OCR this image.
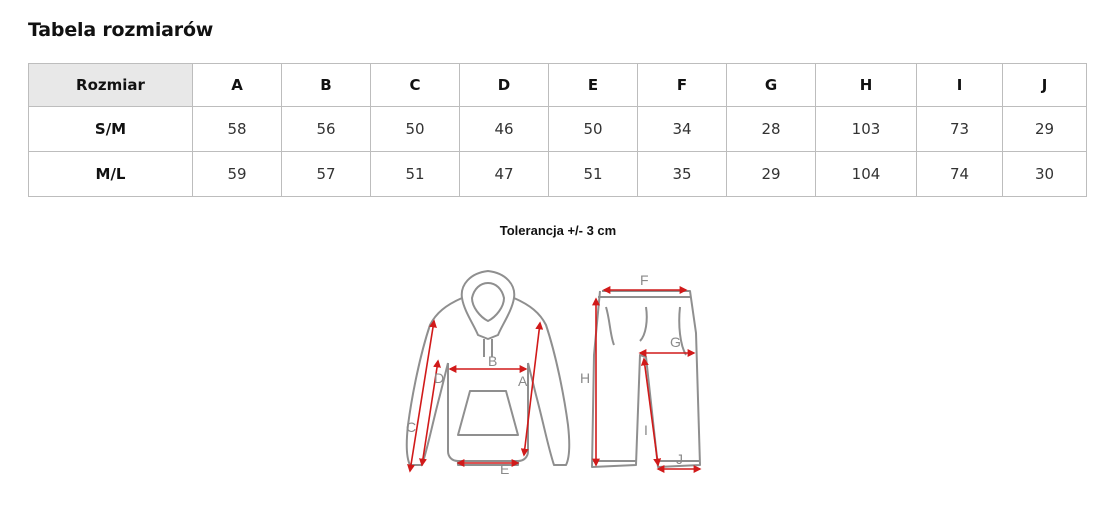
Tabela rozmiarów
Rozmiar	A	B	C	D	E	F	G	H	I	J
S/M	58	56	50	46	50	34	28	103	73	29
M/L	59	57	51	47	51	35	29	104	74	30
Tolerancja +/- 3 cm
A
B
C
D
E
F
G
H
I
J
